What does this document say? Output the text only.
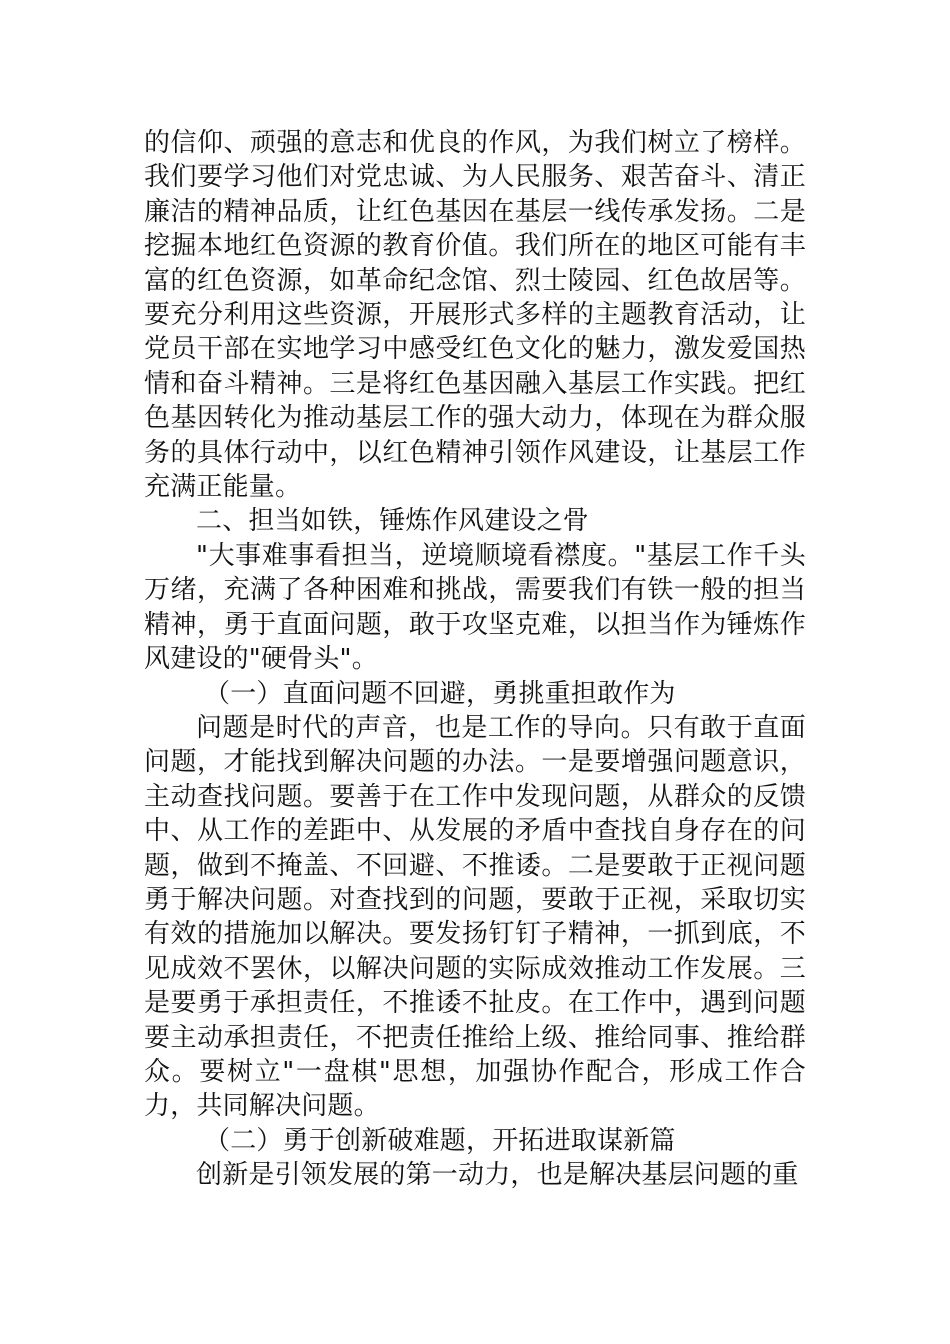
的信仰、顽强的意志和优良的作风，为我们树立了榜样。我们要学习他们对党忠诚、为人民服务、艰苦奋斗、清正廉洁的精神品质，让红色基因在基层一线传承发扬。二是挖掘本地红色资源的教育价值。我们所在的地区可能有丰富的红色资源，如革命纪念馆、烈士陵园、红色故居等。要充分利用这些资源，开展形式多样的主题教育活动，让党员干部在实地学习中感受红色文化的魅力，激发爱国热情和奋斗精神。三是将红色基因融入基层工作实践。把红色基因转化为推动基层工作的强大动力，体现在为群众服务的具体行动中，以红色精神引领作风建设，让基层工作充满正能量。

二、担当如铁，锤炼作风建设之骨

"大事难事看担当，逆境顺境看襟度。"基层工作千头万绪，充满了各种困难和挑战，需要我们有铁一般的担当精神，勇于直面问题，敢于攻坚克难，以担当作为锤炼作风建设的"硬骨头"。

（一）直面问题不回避，勇挑重担敢作为

问题是时代的声音，也是工作的导向。只有敢于直面问题，才能找到解决问题的办法。一是要增强问题意识，主动查找问题。要善于在工作中发现问题，从群众的反馈中、从工作的差距中、从发展的矛盾中查找自身存在的问题，做到不掩盖、不回避、不推诿。二是要敢于正视问题勇于解决问题。对查找到的问题，要敢于正视，采取切实有效的措施加以解决。要发扬钉钉子精神，一抓到底，不见成效不罢休，以解决问题的实际成效推动工作发展。三是要勇于承担责任，不推诿不扯皮。在工作中，遇到问题要主动承担责任，不把责任推给上级、推给同事、推给群众。要树立"一盘棋"思想，加强协作配合，形成工作合力，共同解决问题。

（二）勇于创新破难题，开拓进取谋新篇

创新是引领发展的第一动力，也是解决基层问题的重
